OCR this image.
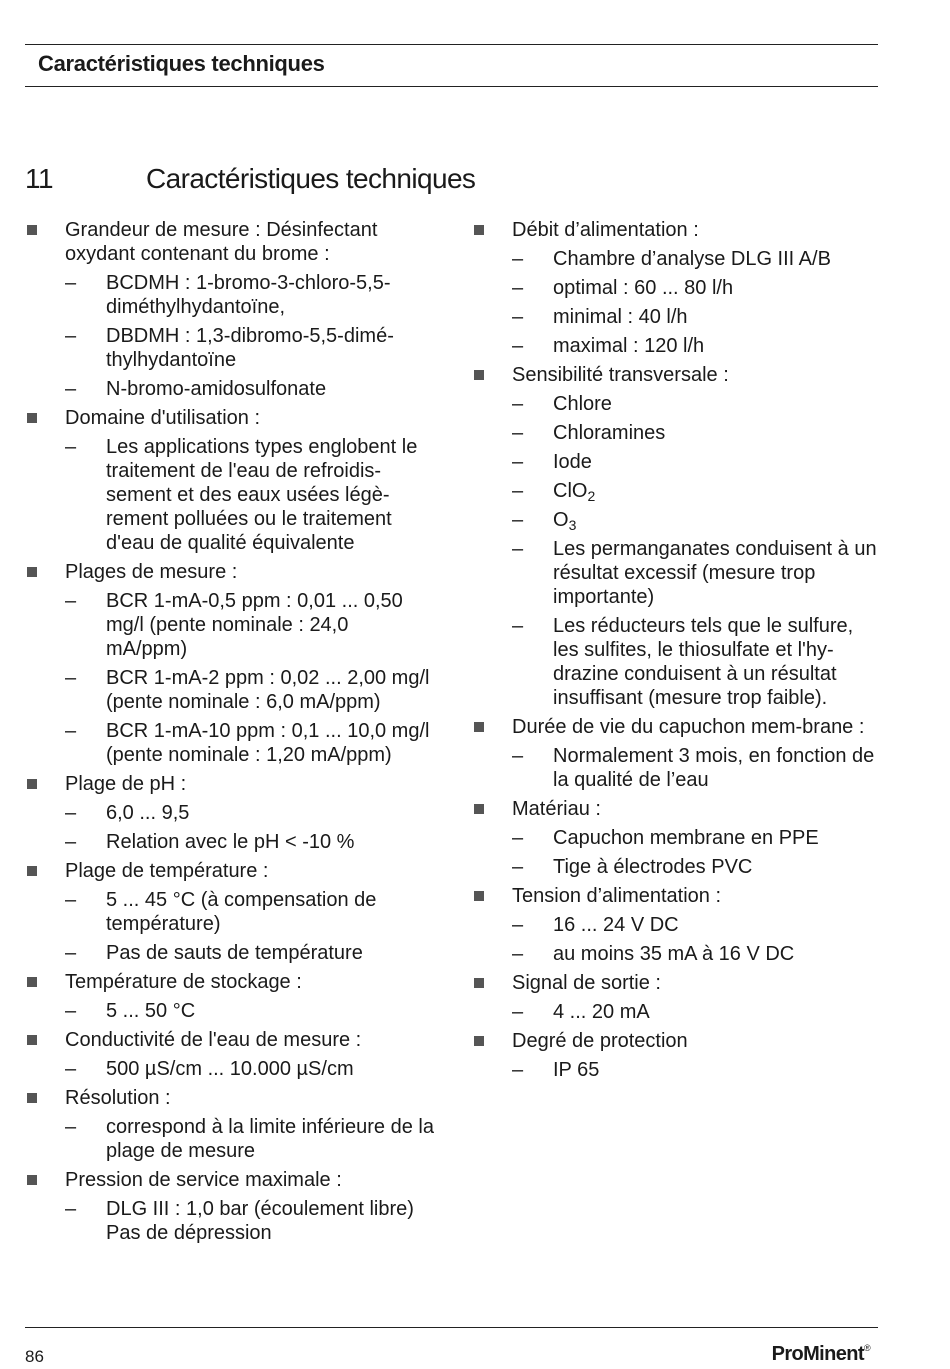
Caractéristiques techniques
11	Caractéristiques techniques
Grandeur de mesure : Désinfectant oxydant contenant du brome :
– BCDMH : 1-bromo-3-chloro-5,5-diméthylhydantoïne,
– DBDMH : 1,3-dibromo-5,5-dimé-thylhydantoïne
– N-bromo-amidosulfonate
Domaine d'utilisation :
– Les applications types englobent le traitement de l'eau de refroidis-sement et des eaux usées légè-rement polluées ou le traitement d'eau de qualité équivalente
Plages de mesure :
– BCR 1-mA-0,5 ppm : 0,01 ... 0,50 mg/l (pente nominale : 24,0 mA/ppm)
– BCR 1-mA-2 ppm : 0,02 ... 2,00 mg/l (pente nominale : 6,0 mA/ppm)
– BCR 1-mA-10 ppm : 0,1 ... 10,0 mg/l (pente nominale : 1,20 mA/ppm)
Plage de pH :
– 6,0 ... 9,5
– Relation avec le pH < -10 %
Plage de température :
– 5 ... 45 °C (à compensation de température)
– Pas de sauts de température
Température de stockage :
– 5 ... 50 °C
Conductivité de l'eau de mesure :
– 500 µS/cm ... 10.000 µS/cm
Résolution :
– correspond à la limite inférieure de la plage de mesure
Pression de service maximale :
– DLG III : 1,0 bar (écoulement libre) Pas de dépression
Débit d’alimentation :
– Chambre d’analyse DLG III A/B
– optimal : 60 ... 80 l/h
– minimal : 40 l/h
– maximal : 120 l/h
Sensibilité transversale :
– Chlore
– Chloramines
– Iode
– ClO$_2$
– $O_3$
– Les permanganates conduisent à un résultat excessif (mesure trop importante)
– Les réducteurs tels que le sulfure, les sulfites, le thiosulfate et l'hy-drazine conduisent à un résultat insuffisant (mesure trop faible).
Durée de vie du capuchon mem-brane :
– Normalement 3 mois, en fonction de la qualité de l’eau
Matériau :
– Capuchon membrane en PPE
– Tige à électrodes PVC
Tension d’alimentation :
– 16 ... 24 V DC
– au moins 35 mA à 16 V DC
Signal de sortie :
– 4 ... 20 mA
Degré de protection
– IP 65
86	ProMinent®
